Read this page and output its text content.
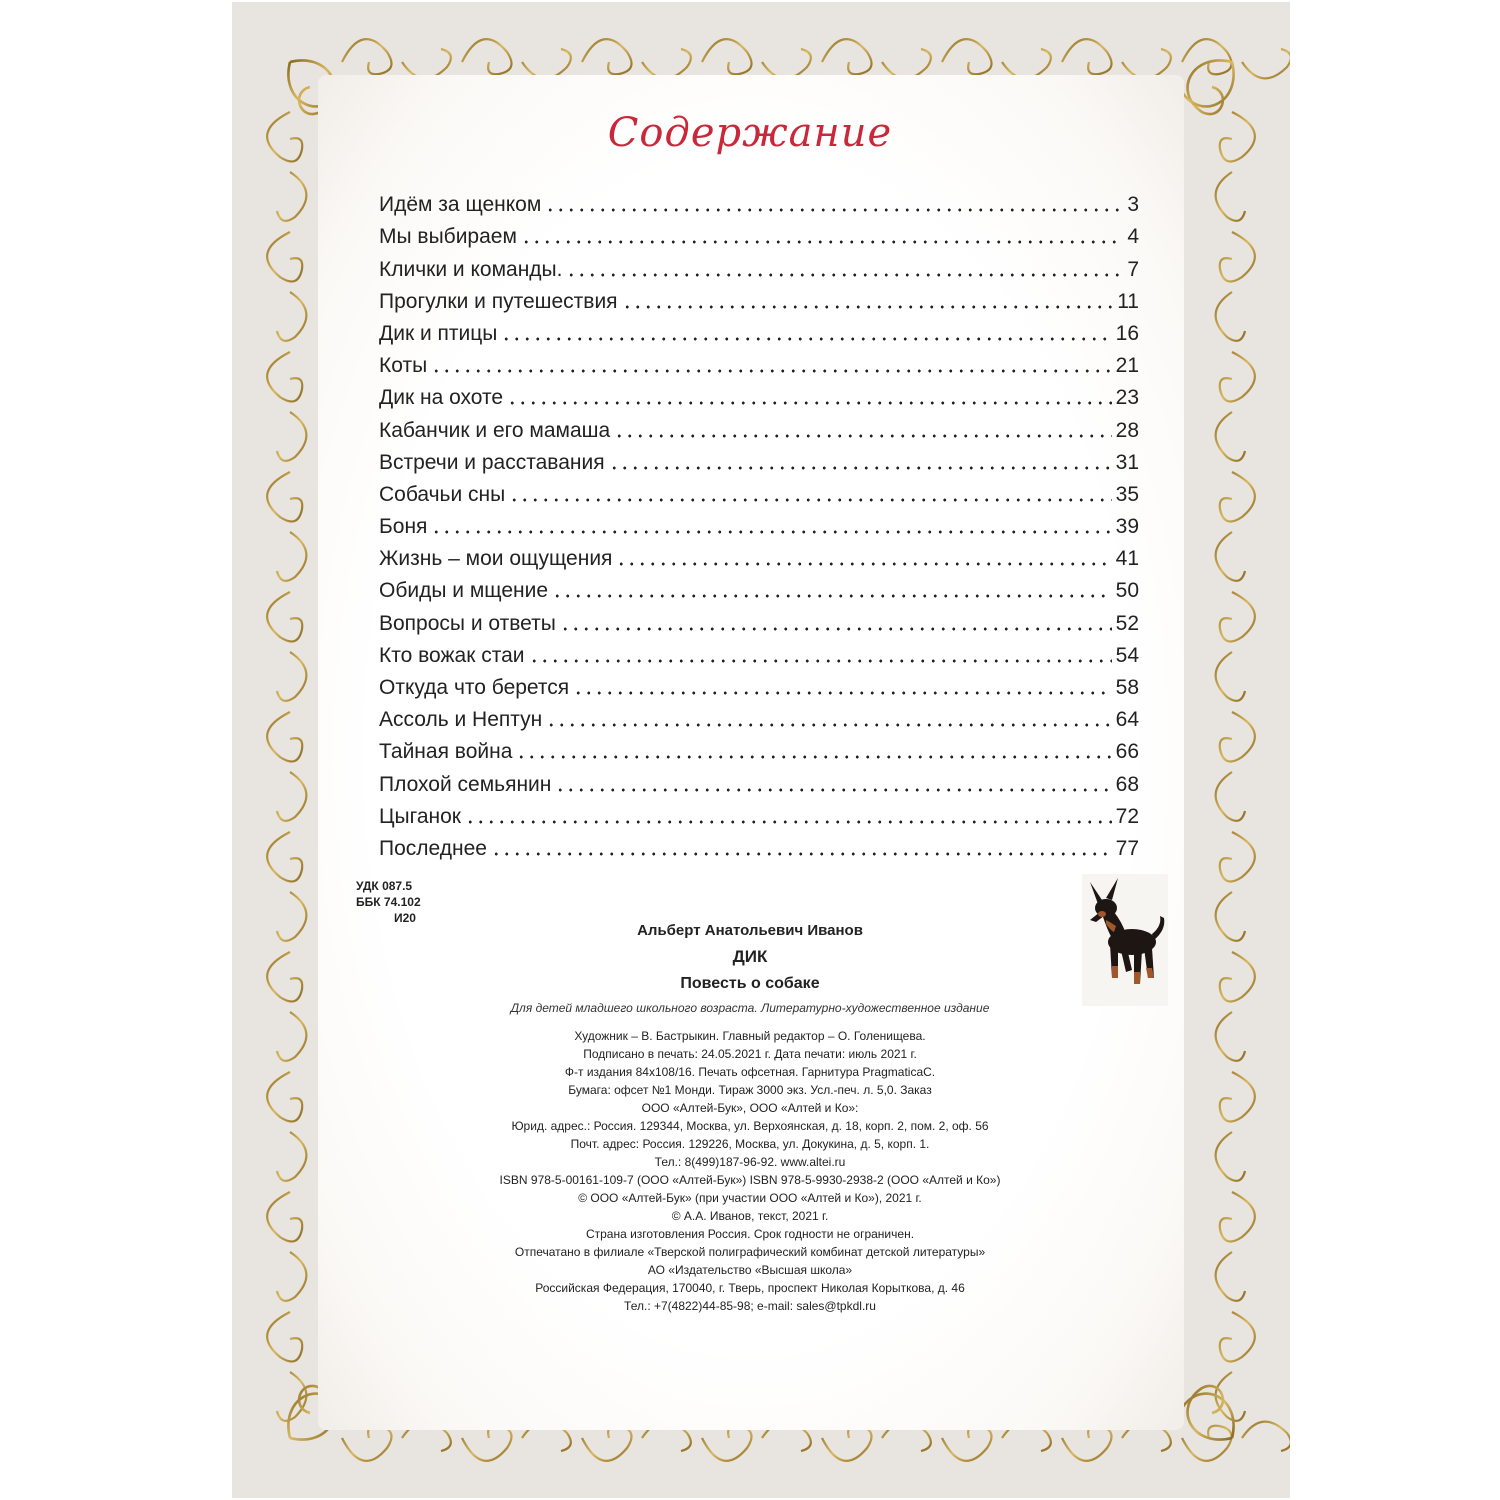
Содержание
Идём за щенком	3
Мы выбираем	4
Клички и команды.	7
Прогулки и путешествия	11
Дик и птицы	16
Коты	21
Дик на охоте	23
Кабанчик и его мамаша	28
Встречи и расставания	31
Собачьи сны	35
Боня	39
Жизнь – мои ощущения	41
Обиды и мщение	50
Вопросы и ответы	52
Кто вожак стаи	54
Откуда что берется	58
Ассоль и Нептун	64
Тайная война	66
Плохой семьянин	68
Цыганок	72
Последнее	77
УДК 087.5
ББК 74.102
И20
Альберт Анатольевич Иванов
ДИК
Повесть о собаке
Для детей младшего школьного возраста. Литературно-художественное издание
Художник – В. Бастрыкин. Главный редактор – О. Голенищева.
Подписано в печать: 24.05.2021 г. Дата печати: июль 2021 г.
Ф-т издания 84х108/16. Печать офсетная. Гарнитура PragmaticaC.
Бумага: офсет №1 Монди. Тираж 3000 экз. Усл.-печ. л. 5,0. Заказ
ООО «Алтей-Бук», ООО «Алтей и Ко»:
Юрид. адрес.: Россия. 129344, Москва, ул. Верхоянская, д. 18, корп. 2, пом. 2, оф. 56
Почт. адрес: Россия. 129226, Москва, ул. Докукина, д. 5, корп. 1.
Тел.: 8(499)187-96-92. www.altei.ru
ISBN 978-5-00161-109-7 (ООО «Алтей-Бук») ISBN 978-5-9930-2938-2 (ООО «Алтей и Ко»)
© ООО «Алтей-Бук» (при участии ООО «Алтей и Ко»), 2021 г.
© А.А. Иванов, текст, 2021 г.
Страна изготовления Россия. Срок годности не ограничен.
Отпечатано в филиале «Тверской полиграфический комбинат детской литературы»
АО «Издательство «Высшая школа»
Российская Федерация, 170040, г. Тверь, проспект Николая Корыткова, д. 46
Тел.: +7(4822)44-85-98; e-mail: sales@tpkdl.ru
